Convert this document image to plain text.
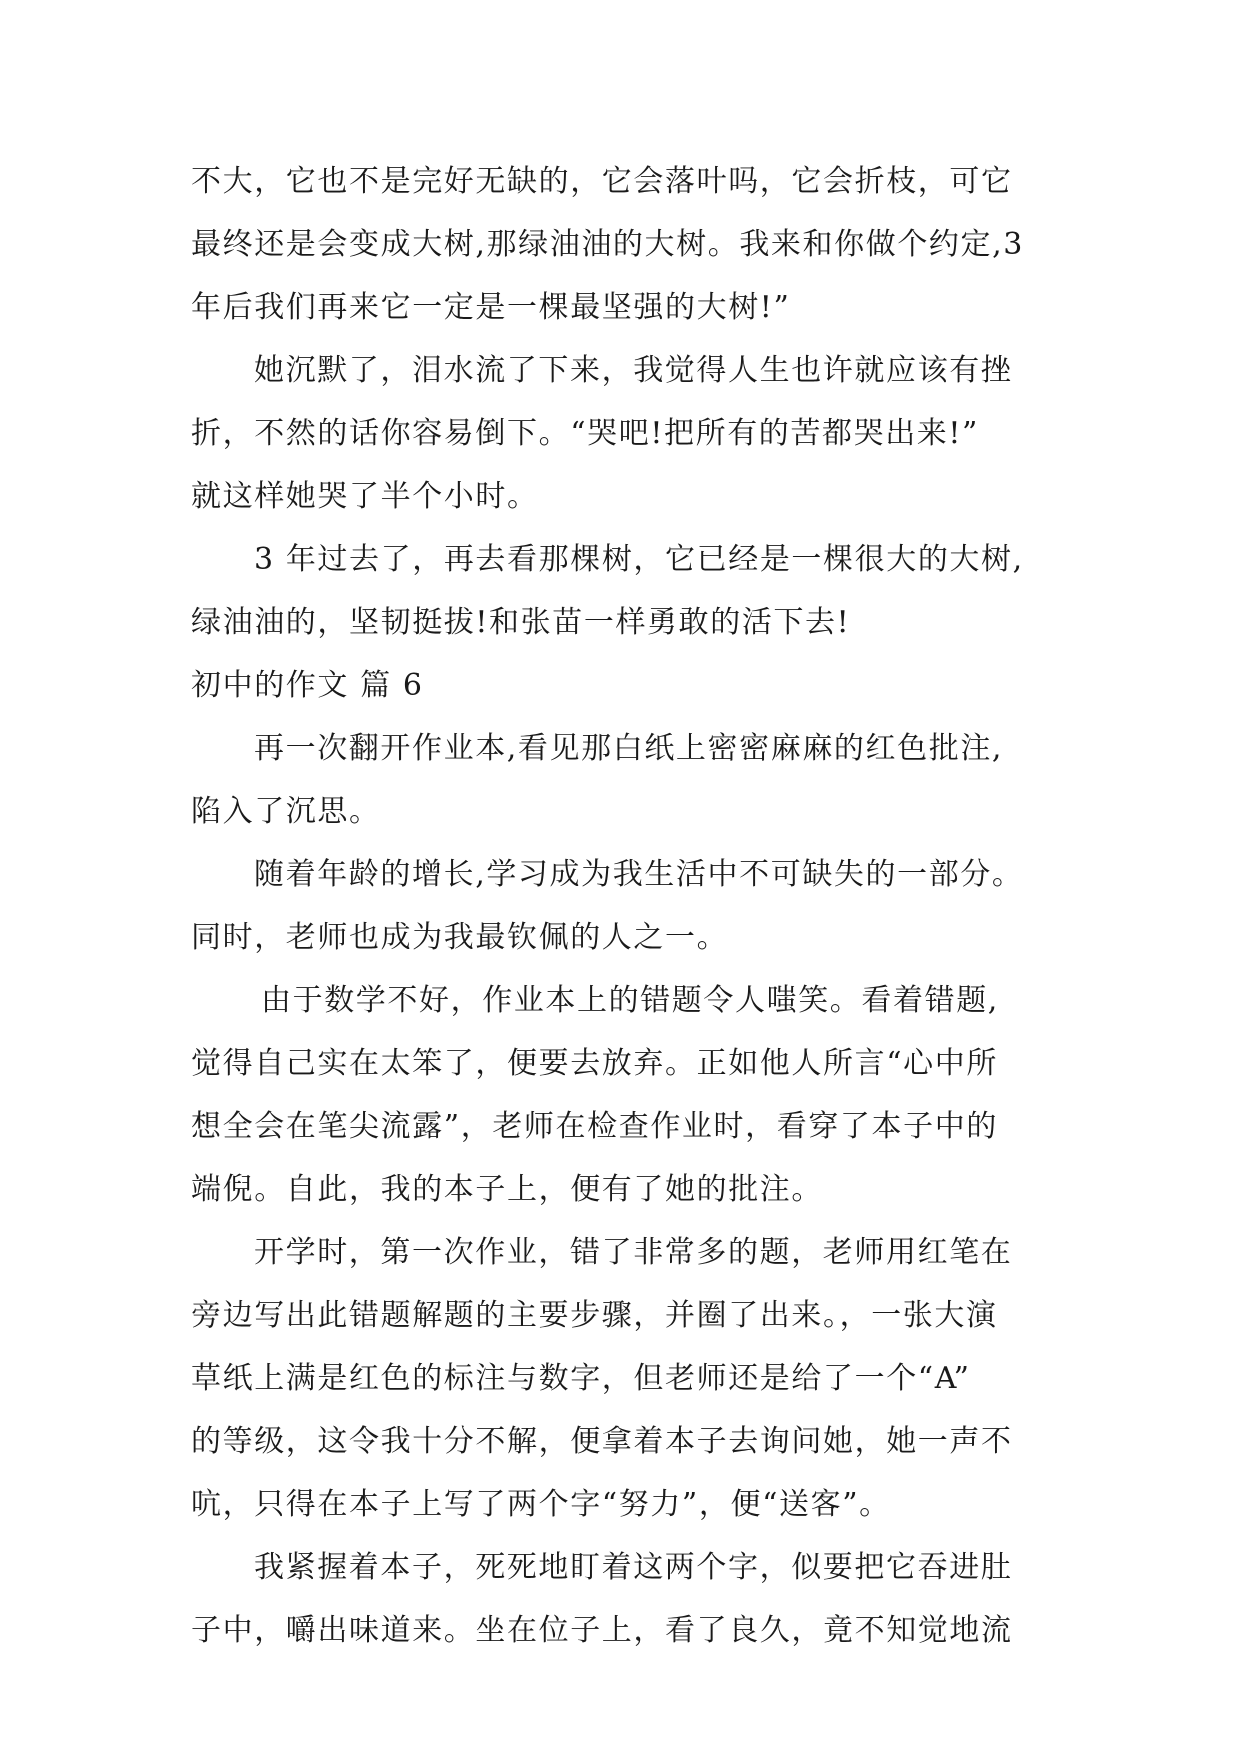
不大，它也不是完好无缺的，它会落叶吗，它会折枝，可它
最终还是会变成大树,那绿油油的大树。我来和你做个约定,3
年后我们再来它一定是一棵最坚强的大树!”
她沉默了，泪水流了下来，我觉得人生也许就应该有挫
折，不然的话你容易倒下。“哭吧!把所有的苦都哭出来!”
就这样她哭了半个小时。
3 年过去了，再去看那棵树，它已经是一棵很大的大树,
绿油油的，坚韧挺拔!和张苗一样勇敢的活下去!
初中的作文 篇 6
再一次翻开作业本,看见那白纸上密密麻麻的红色批注,
陷入了沉思。
随着年龄的增长,学习成为我生活中不可缺失的一部分。
同时，老师也成为我最钦佩的人之一。
由于数学不好，作业本上的错题令人嗤笑。看着错题,
觉得自己实在太笨了，便要去放弃。正如他人所言“心中所
想全会在笔尖流露”，老师在检查作业时，看穿了本子中的
端倪。自此，我的本子上，便有了她的批注。
开学时，第一次作业，错了非常多的题，老师用红笔在
旁边写出此错题解题的主要步骤，并圈了出来。，一张大演
草纸上满是红色的标注与数字，但老师还是给了一个“A”
的等级，这令我十分不解，便拿着本子去询问她，她一声不
吭，只得在本子上写了两个字“努力”，便“送客”。
我紧握着本子，死死地盯着这两个字，似要把它吞进肚
子中，嚼出味道来。坐在位子上，看了良久，竟不知觉地流
